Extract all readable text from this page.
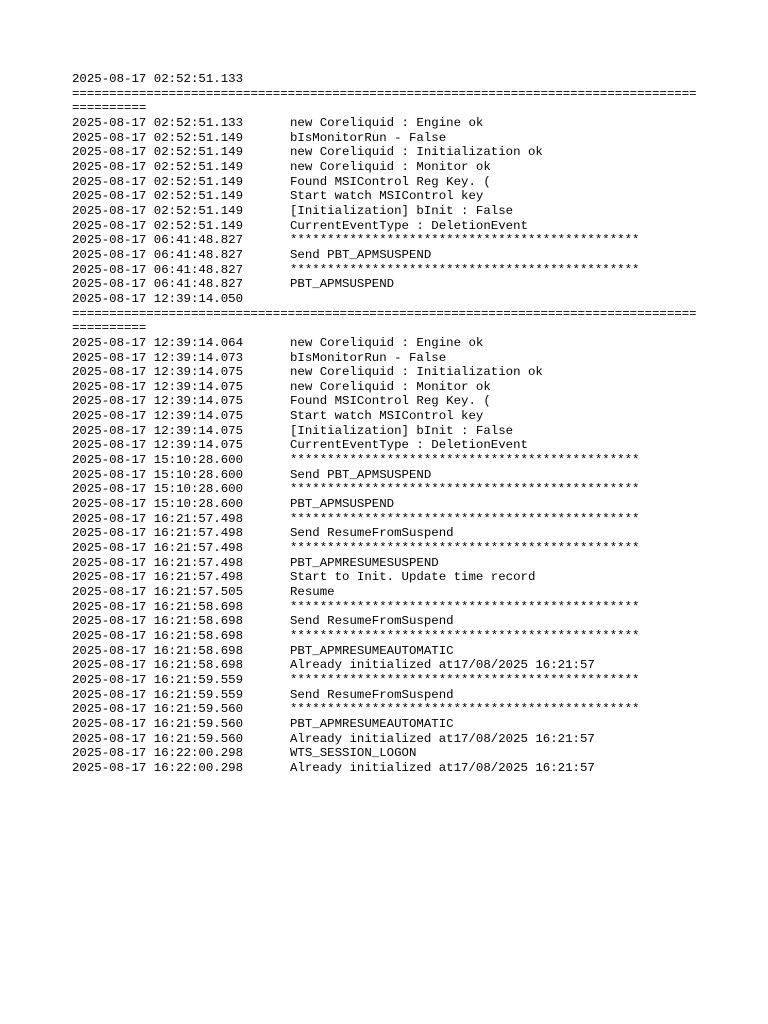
2025-08-17 02:52:51.133
==============================================================================================
2025-08-17 02:52:51.133	new Coreliquid : Engine ok
2025-08-17 02:52:51.149	bIsMonitorRun - False
2025-08-17 02:52:51.149	new Coreliquid : Initialization ok
2025-08-17 02:52:51.149	new Coreliquid : Monitor ok
2025-08-17 02:52:51.149	Found MSIControl Reg Key. (
2025-08-17 02:52:51.149	Start watch MSIControl key
2025-08-17 02:52:51.149	[Initialization] bInit : False
2025-08-17 02:52:51.149	CurrentEventType : DeletionEvent
2025-08-17 06:41:48.827	***********************************************
2025-08-17 06:41:48.827	Send PBT_APMSUSPEND
2025-08-17 06:41:48.827	***********************************************
2025-08-17 06:41:48.827	PBT_APMSUSPEND
2025-08-17 12:39:14.050
==============================================================================================
2025-08-17 12:39:14.064	new Coreliquid : Engine ok
2025-08-17 12:39:14.073	bIsMonitorRun - False
2025-08-17 12:39:14.075	new Coreliquid : Initialization ok
2025-08-17 12:39:14.075	new Coreliquid : Monitor ok
2025-08-17 12:39:14.075	Found MSIControl Reg Key. (
2025-08-17 12:39:14.075	Start watch MSIControl key
2025-08-17 12:39:14.075	[Initialization] bInit : False
2025-08-17 12:39:14.075	CurrentEventType : DeletionEvent
2025-08-17 15:10:28.600	***********************************************
2025-08-17 15:10:28.600	Send PBT_APMSUSPEND
2025-08-17 15:10:28.600	***********************************************
2025-08-17 15:10:28.600	PBT_APMSUSPEND
2025-08-17 16:21:57.498	***********************************************
2025-08-17 16:21:57.498	Send ResumeFromSuspend
2025-08-17 16:21:57.498	***********************************************
2025-08-17 16:21:57.498	PBT_APMRESUMESUSPEND
2025-08-17 16:21:57.498	Start to Init. Update time record
2025-08-17 16:21:57.505	Resume
2025-08-17 16:21:58.698	***********************************************
2025-08-17 16:21:58.698	Send ResumeFromSuspend
2025-08-17 16:21:58.698	***********************************************
2025-08-17 16:21:58.698	PBT_APMRESUMEAUTOMATIC
2025-08-17 16:21:58.698	Already initialized at17/08/2025 16:21:57
2025-08-17 16:21:59.559	***********************************************
2025-08-17 16:21:59.559	Send ResumeFromSuspend
2025-08-17 16:21:59.560	***********************************************
2025-08-17 16:21:59.560	PBT_APMRESUMEAUTOMATIC
2025-08-17 16:21:59.560	Already initialized at17/08/2025 16:21:57
2025-08-17 16:22:00.298	WTS_SESSION_LOGON
2025-08-17 16:22:00.298	Already initialized at17/08/2025 16:21:57
